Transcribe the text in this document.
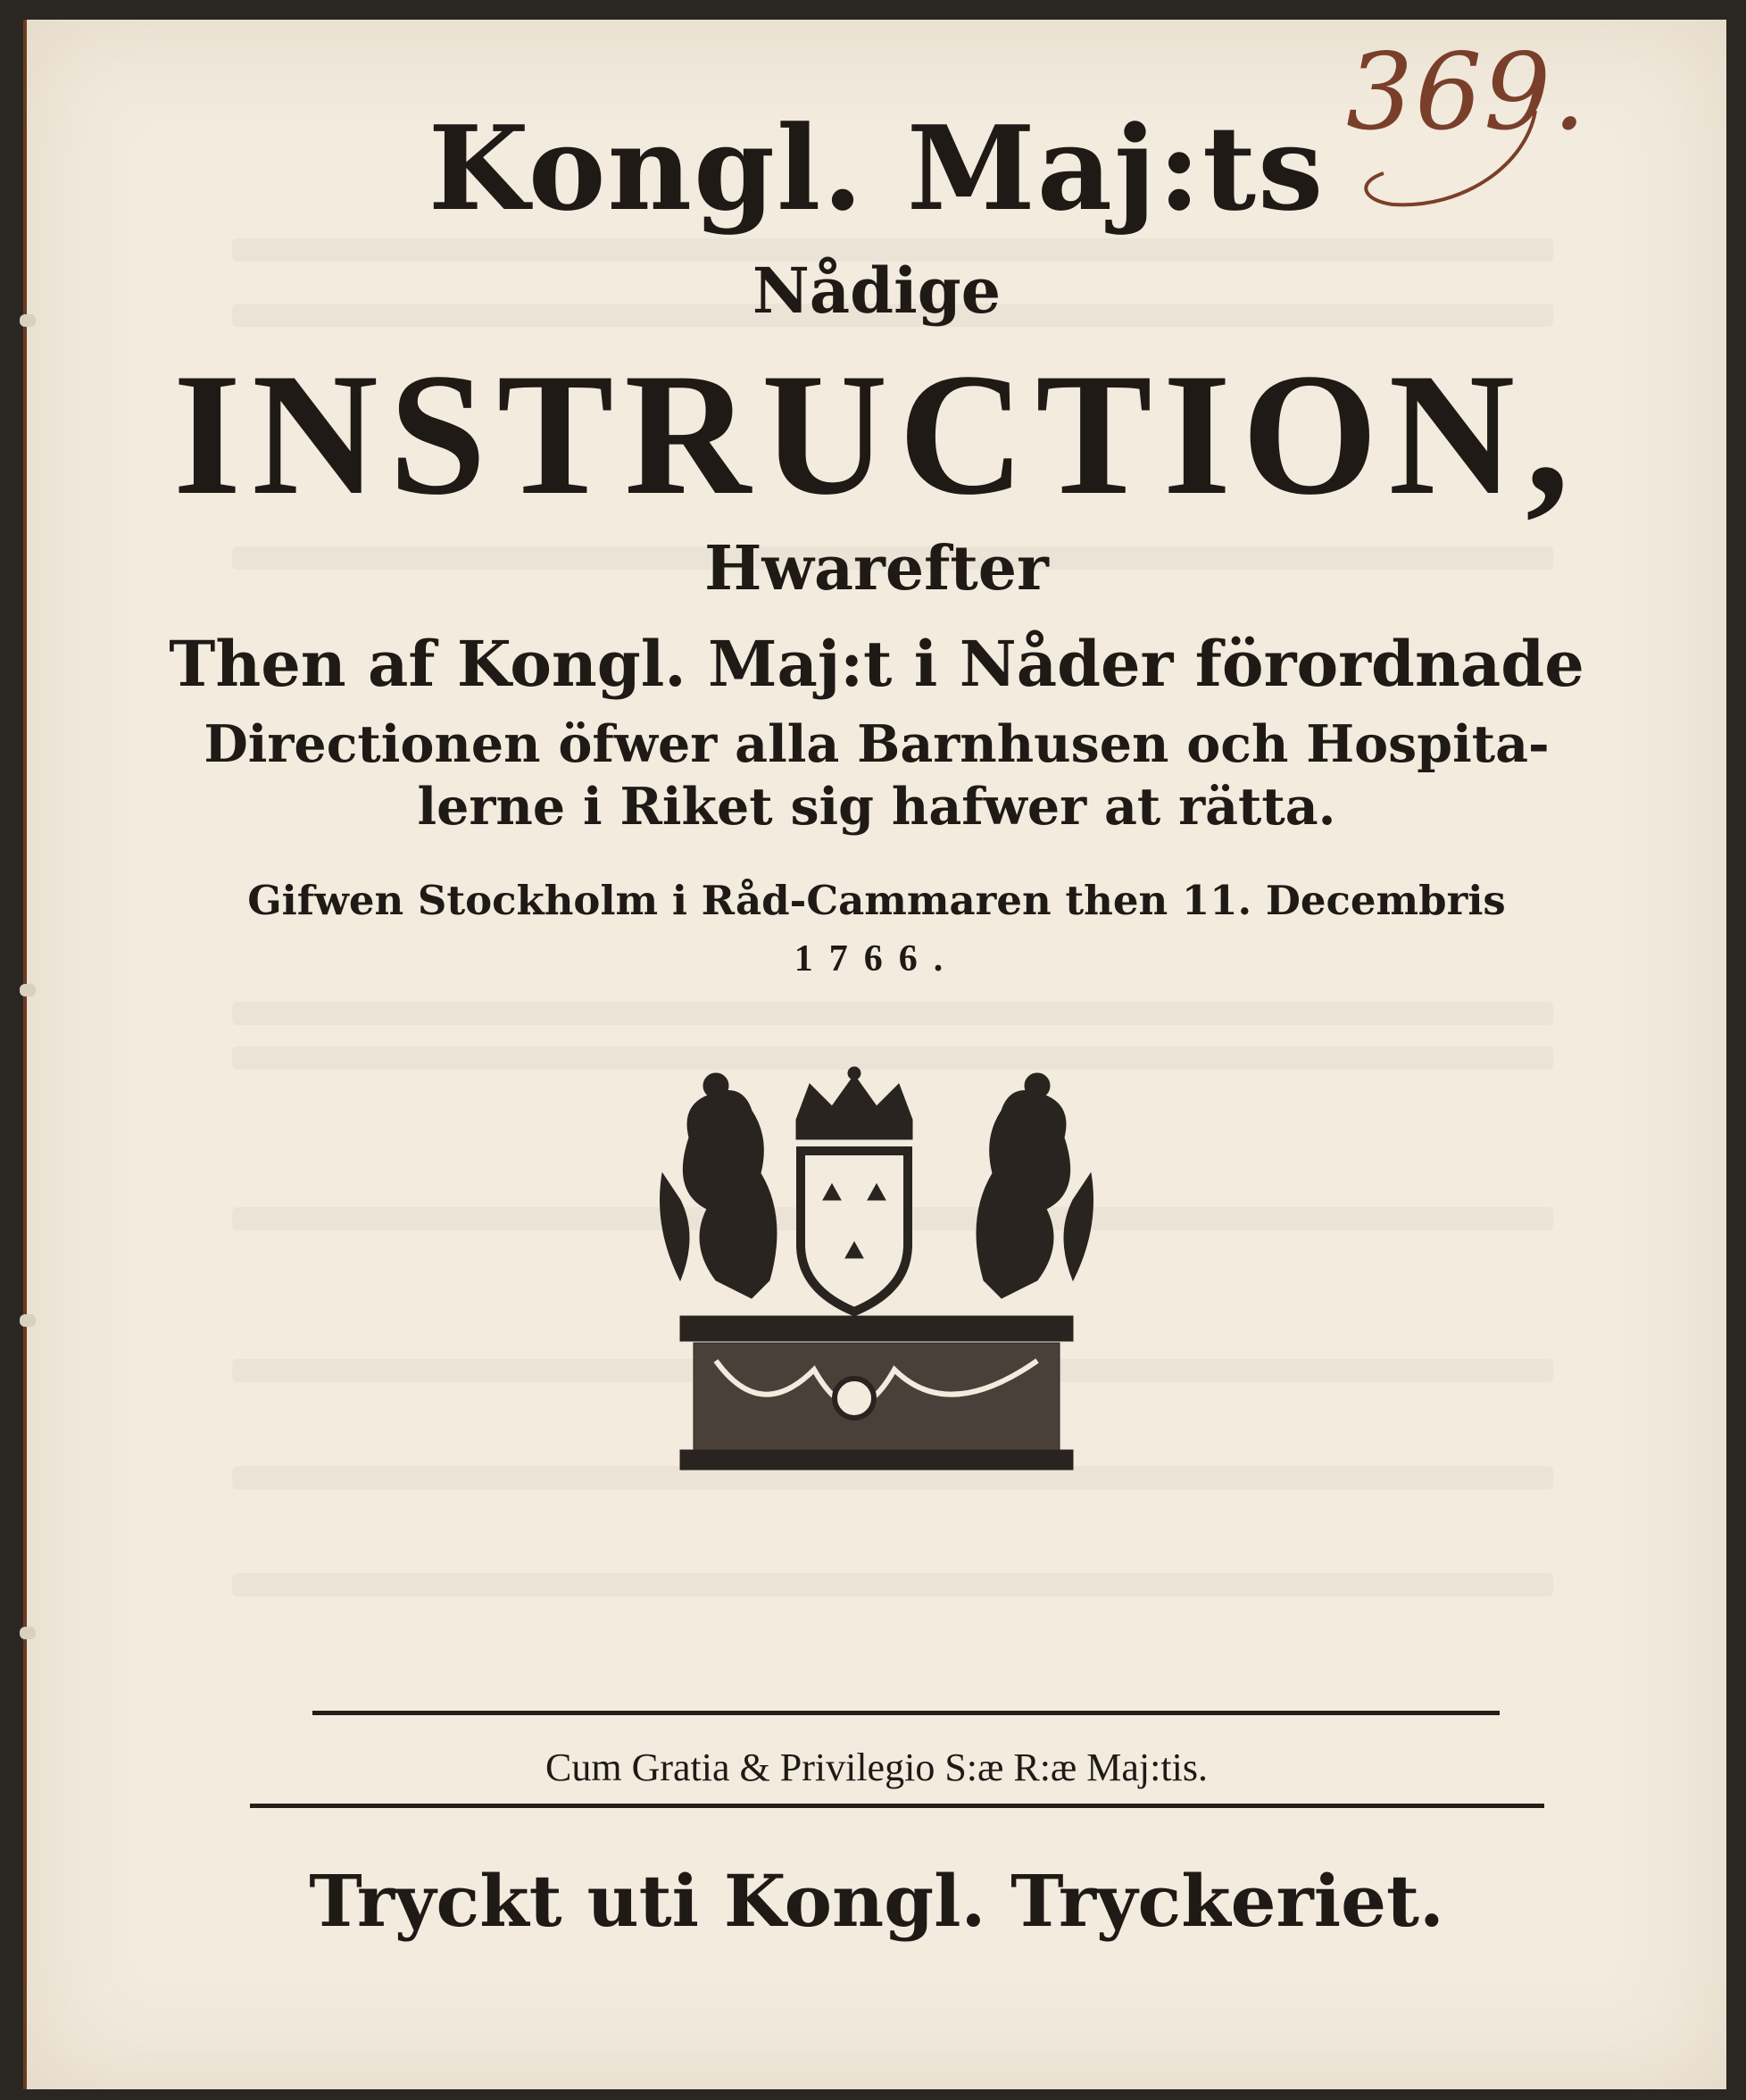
369.
Kongl. Maj:ts
Nådige
INSTRUCTION,
Hwarefter
Then af Kongl. Maj:t i Nåder förordnade
Directionen öfwer alla Barnhusen och Hospita-
lerne i Riket sig hafwer at rätta.
Gifwen Stockholm i Råd-Cammaren then 11. Decembris
1766.
Cum Gratia & Privilegio S:æ R:æ Maj:tis.
Tryckt uti Kongl. Tryckeriet.
